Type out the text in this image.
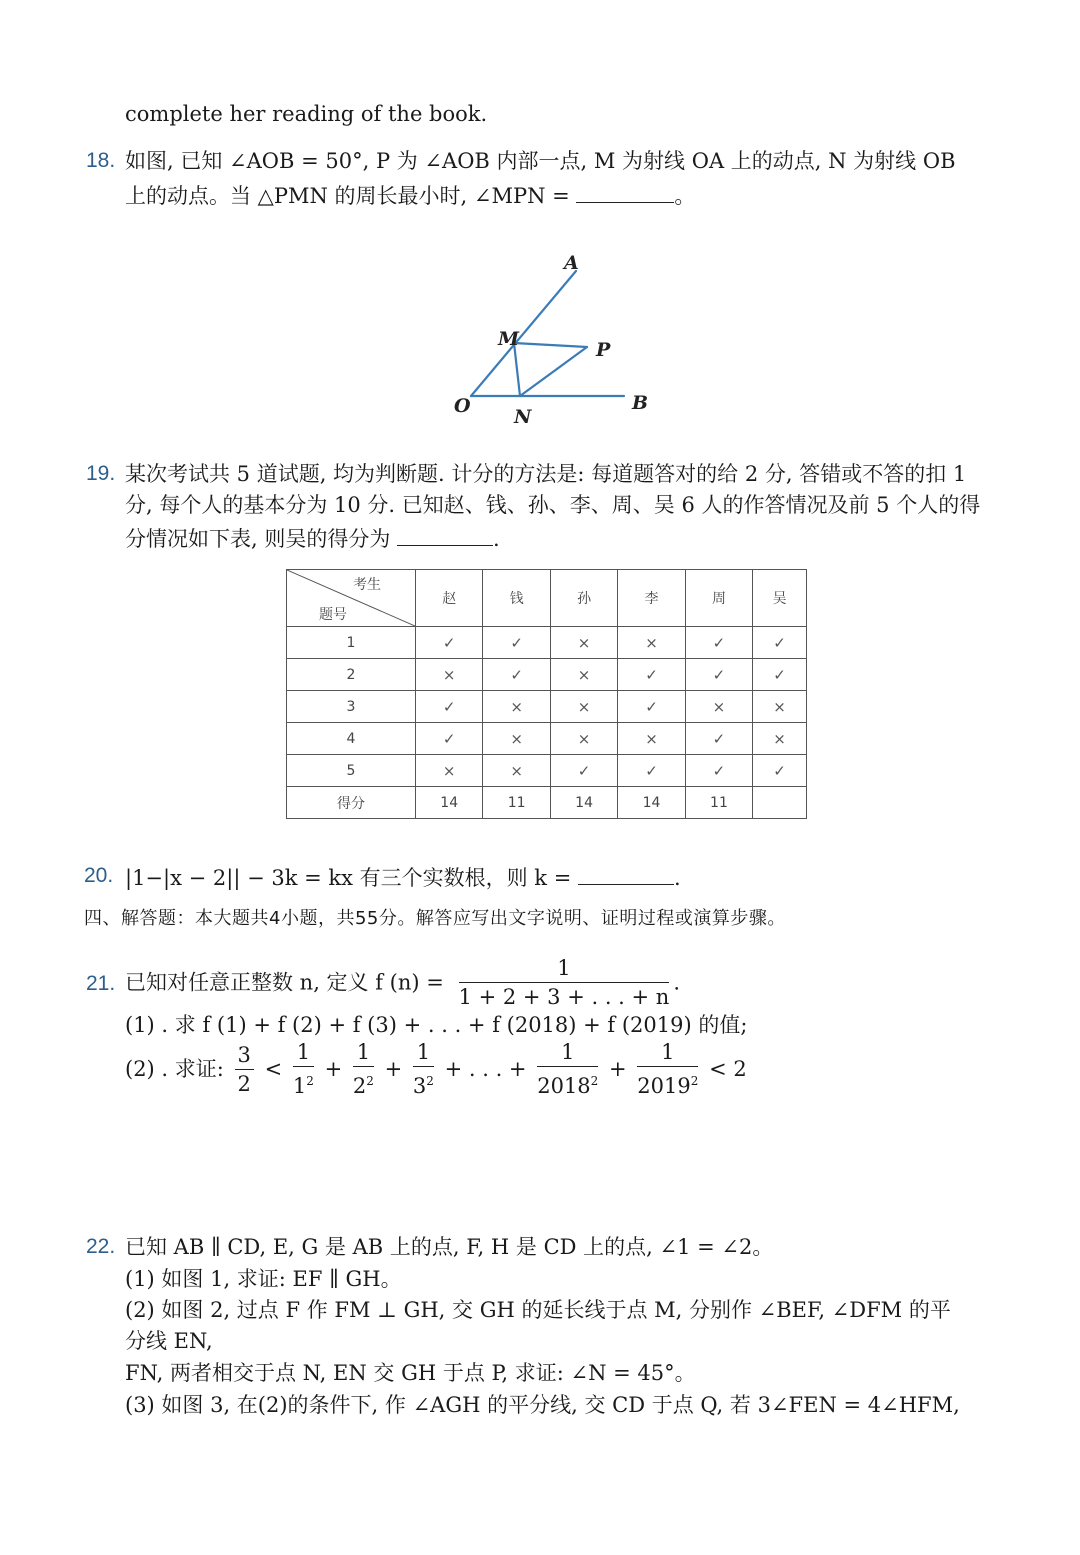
complete her reading of the book.
18. 如图, 已知 ∠AOB = 50°, P 为 ∠AOB 内部一点, M 为射线 OA 上的动点, N 为射线 OB
上的动点。当 △PMN 的周长最小时, ∠MPN =	。
A
M	P
O N
B
19. 某次考试共 5 道试题, 均为判断题. 计分的方法是: 每道题答对的给 2 分, 答错或不答的扣 1
分, 每个人的基本分为 10 分. 已知赵、钱、孙、李、周、吴 6 人的作答情况及前 5 个人的得
分情况如下表, 则吴的得分为	.
考生
题号	赵	钱	孙	李	周	吴
1	✓	✓	×	×	✓	✓
2	×	✓	×	✓	✓	✓
3	✓	×	×	✓	×	×
4	✓	×	×	×	✓	×
5	×	×	✓	✓	✓	✓
得分	14	11	14	14	11	
20. |1−|x − 2|| − 3k = kx 有三个实数根，则 k =	.
四、解答题：本大题共4小题，共55分。解答应写出文字说明、证明过程或演算步骤。
21. 已知对任意正整数 n, 定义 f $(n) = \frac{1}{1 + 2 + 3 + . . . + n}$ .
(1) . 求 f (1) + f (2) + f (3) + . . . + f (2018) + f (2019) 的值;
(2) . 求证: $\frac{3}{2} < \frac{1}{1^2} + \frac{1}{2^2} + \frac{1}{3^2}$ + . . . + $\frac{1}{2018^2} + \frac{1}{2019^2} < 2$
22. 已知 AB ∥ CD, E, G 是 AB 上的点, F, H 是 CD 上的点, ∠1 = ∠2。
(1) 如图 1, 求证: EF ∥ GH。
(2) 如图 2, 过点 F 作 FM ⊥ GH, 交 GH 的延长线于点 M, 分别作 ∠BEF, ∠DFM 的平
分线 EN,
FN, 两者相交于点 N, EN 交 GH 于点 P, 求证: ∠N = 45°。
(3) 如图 3, 在(2)的条件下, 作 ∠AGH 的平分线, 交 CD 于点 Q, 若 3∠FEN = 4∠HFM,
